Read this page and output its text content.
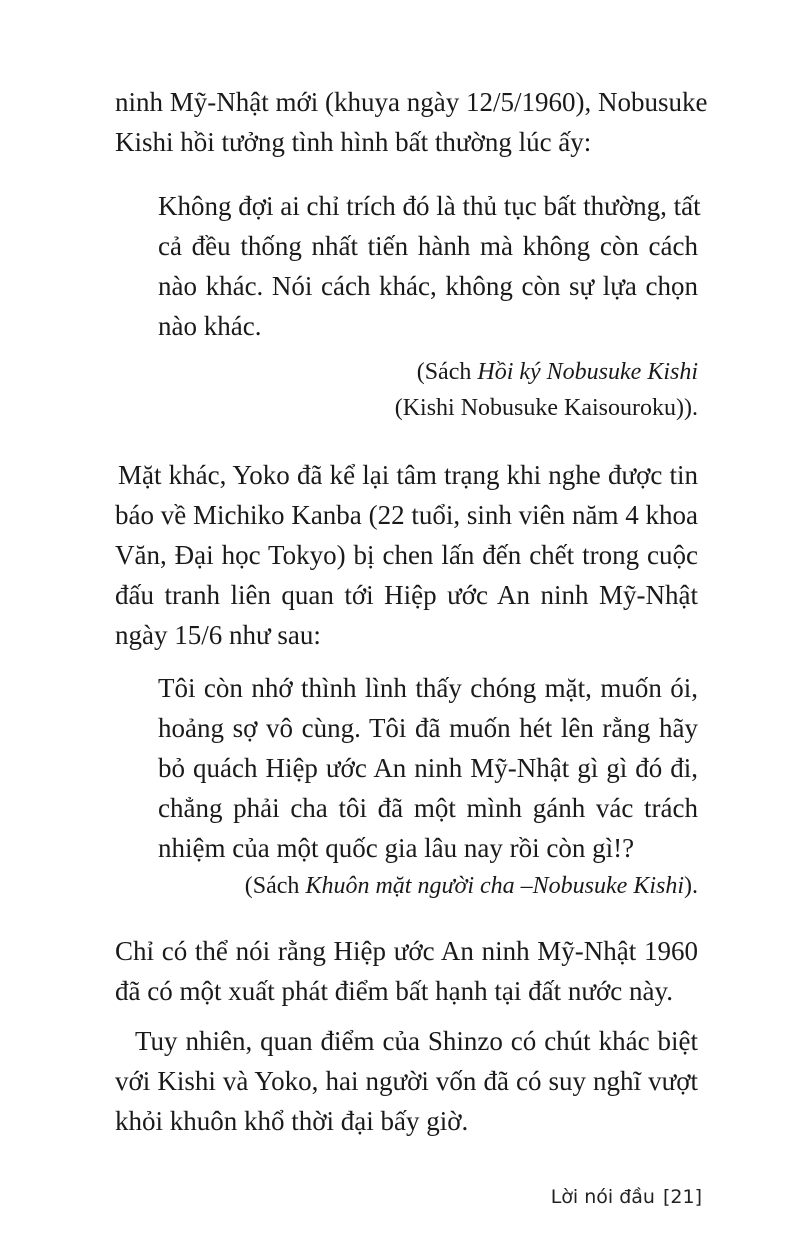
ninh Mỹ-Nhật mới (khuya ngày 12/5/1960), Nobusuke
Kishi hồi tưởng tình hình bất thường lúc ấy:
Không đợi ai chỉ trích đó là thủ tục bất thường, tất
cả đều thống nhất tiến hành mà không còn cách
nào khác. Nói cách khác, không còn sự lựa chọn
nào khác.
(Sách Hồi ký Nobusuke Kishi
(Kishi Nobusuke Kaisouroku)).
Mặt khác, Yoko đã kể lại tâm trạng khi nghe được tin
báo về Michiko Kanba (22 tuổi, sinh viên năm 4 khoa
Văn, Đại học Tokyo) bị chen lấn đến chết trong cuộc
đấu tranh liên quan tới Hiệp ước An ninh Mỹ-Nhật
ngày 15/6 như sau:
Tôi còn nhớ thình lình thấy chóng mặt, muốn ói,
hoảng sợ vô cùng. Tôi đã muốn hét lên rằng hãy
bỏ quách Hiệp ước An ninh Mỹ-Nhật gì gì đó đi,
chẳng phải cha tôi đã một mình gánh vác trách
nhiệm của một quốc gia lâu nay rồi còn gì!?
(Sách Khuôn mặt người cha –Nobusuke Kishi).
Chỉ có thể nói rằng Hiệp ước An ninh Mỹ-Nhật 1960
đã có một xuất phát điểm bất hạnh tại đất nước này.
Tuy nhiên, quan điểm của Shinzo có chút khác biệt
với Kishi và Yoko, hai người vốn đã có suy nghĩ vượt
khỏi khuôn khổ thời đại bấy giờ.
Lời nói đầu [21]
